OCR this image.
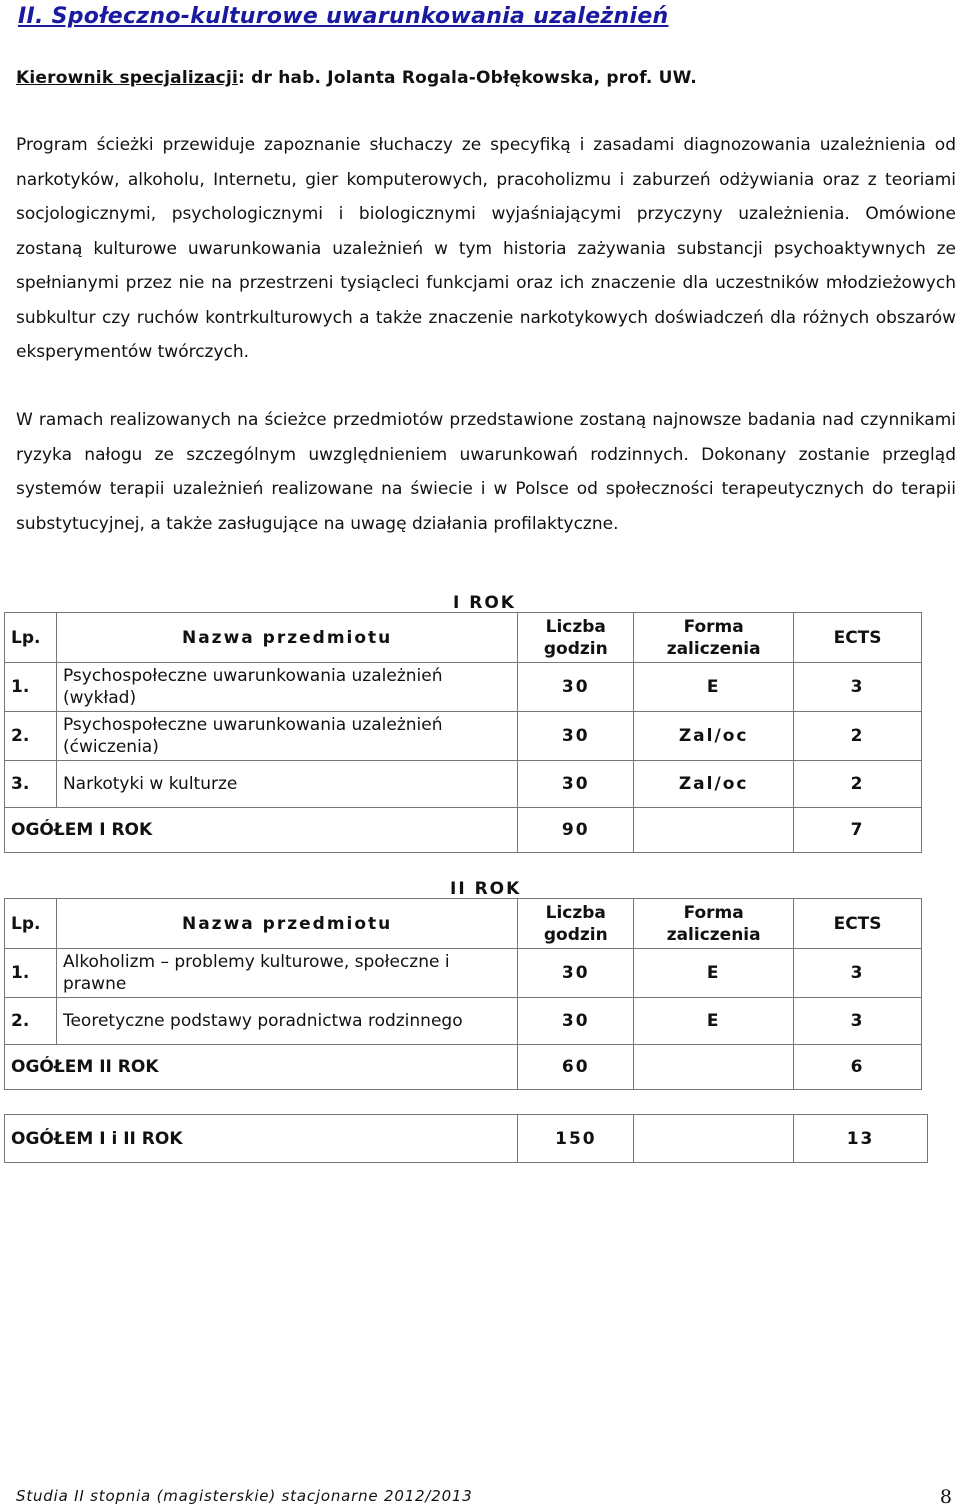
II. Społeczno-kulturowe uwarunkowania uzależnień
Kierownik specjalizacji: dr hab. Jolanta Rogala-Obłękowska, prof. UW.

Program ścieżki przewiduje zapoznanie słuchaczy ze specyfiką i zasadami diagnozowania uzależnienia od narkotyków, alkoholu, Internetu, gier komputerowych, pracoholizmu i zaburzeń odżywiania oraz z teoriami socjologicznymi, psychologicznymi i biologicznymi wyjaśniającymi przyczyny uzależnienia. Omówione zostaną kulturowe uwarunkowania uzależnień w tym historia zażywania substancji psychoaktywnych ze spełnianymi przez nie na przestrzeni tysiącleci funkcjami oraz ich znaczenie dla uczestników młodzieżowych subkultur czy ruchów kontrkulturowych a także znaczenie narkotykowych doświadczeń dla różnych obszarów eksperymentów twórczych.

W ramach realizowanych na ścieżce przedmiotów przedstawione zostaną najnowsze badania nad czynnikami ryzyka nałogu ze szczególnym uwzględnieniem uwarunkowań rodzinnych. Dokonany zostanie przegląd systemów terapii uzależnień realizowane na świecie i w Polsce od społeczności terapeutycznych do terapii substytucyjnej, a także zasługujące na uwagę działania profilaktyczne.

I ROK
Lp.	Nazwa przedmiotu	Liczba godzin	Forma zaliczenia	ECTS
1.	Psychospołeczne uwarunkowania uzależnień (wykład)	30	E	3
2.	Psychospołeczne uwarunkowania uzależnień (ćwiczenia)	30	Zal/oc	2
3.	Narkotyki w kulturze	30	Zal/oc	2
OGÓŁEM I ROK		90		7
II ROK
Lp.	Nazwa przedmiotu	Liczba godzin	Forma zaliczenia	ECTS
1.	Alkoholizm – problemy kulturowe, społeczne i prawne	30	E	3
2.	Teoretyczne podstawy poradnictwa rodzinnego	30	E	3
OGÓŁEM II ROK		60		6
OGÓŁEM I i II ROK	150		13
Studia II stopnia (magisterskie) stacjonarne 2012/2013	8
